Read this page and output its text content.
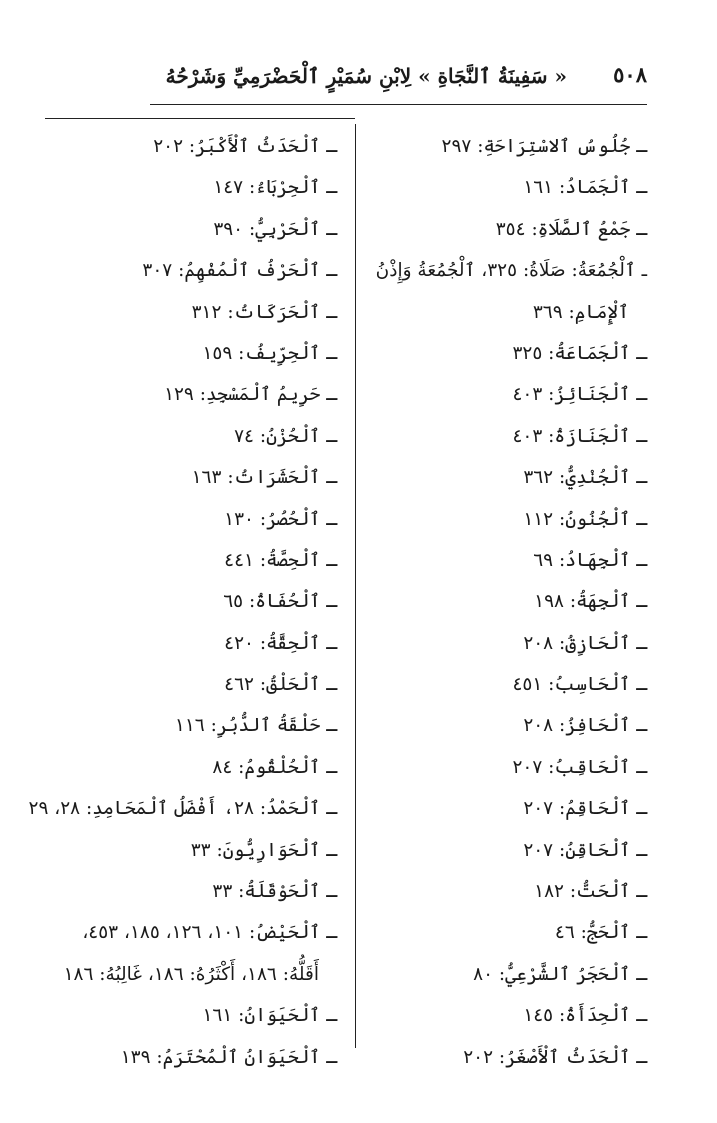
٥٠٨
« سَفِينَةُ ٱلنَّجَاةِ » لِابْنِ سُمَيْرٍ ٱلْحَضْرَمِيِّ وَشَرْحُهُ
ـ جُلُوسُ ٱلاسْتِرَاحَةِ: ٢٩٧
ـ ٱلْجَمَادُ: ١٦١
ـ جَمْعُ ٱلصَّلَاةِ: ٣٥٤
ـ ٱلْجُمُعَةُ: صَلَاةُ: ٣٢٥، ٱلْجُمُعَةُ وَإِذْنُ
ٱلْإِمَامِ: ٣٦٩
ـ ٱلْجَمَاعَةُ: ٣٢٥
ـ ٱلْجَنَائِزُ: ٤٠٣
ـ ٱلْجَنَازَةُ: ٤٠٣
ـ ٱلْجُنْدِيُّ: ٣٦٢
ـ ٱلْجُنُونُ: ١١٢
ـ ٱلْجِهَادُ: ٦٩
ـ ٱلْجِهَةُ: ١٩٨
ـ ٱلْحَازِقُ: ٢٠٨
ـ ٱلْحَاسِبُ: ٤٥١
ـ ٱلْحَافِزُ: ٢٠٨
ـ ٱلْحَاقِبُ: ٢٠٧
ـ ٱلْحَاقِمُ: ٢٠٧
ـ ٱلْحَاقِنُ: ٢٠٧
ـ ٱلْحَتُّ: ١٨٢
ـ ٱلْحَجُّ: ٤٦
ـ ٱلْحَجَرُ ٱلشَّرْعِيُّ: ٨٠
ـ ٱلْحِدَأَةُ: ١٤٥
ـ ٱلْحَدَثُ ٱلْأَصْغَرُ: ٢٠٢
ـ ٱلْحَدَثُ ٱلْأَكْبَرُ: ٢٠٢
ـ ٱلْحِرْبَاءُ: ١٤٧
ـ ٱلْحَرْبِيُّ: ٣٩٠
ـ ٱلْحَرْفُ ٱلْمُفْهِمُ: ٣٠٧
ـ ٱلْحَرَكَاتُ: ٣١٢
ـ ٱلْحِرِّيفُ: ١٥٩
ـ حَرِيمُ ٱلْمَسْجِدِ: ١٢٩
ـ ٱلْحُزْنُ: ٧٤
ـ ٱلْحَشَرَاتُ: ١٦٣
ـ ٱلْحُصُرُ: ١٣٠
ـ ٱلْحِصَّةُ: ٤٤١
ـ ٱلْحُفَاةُ: ٦٥
ـ ٱلْحِقَّةُ: ٤٢٠
ـ ٱلْحَلْقُ: ٤٦٢
ـ حَلْقَةُ ٱلدُّبُرِ: ١١٦
ـ ٱلْحُلْقُومُ: ٨٤
ـ ٱلْحَمْدُ: ٢٨، أَفْضَلُ ٱلْمَحَامِدِ: ٢٨، ٢٩
ـ ٱلْحَوَارِيُّونَ: ٣٣
ـ ٱلْحَوْقَلَةُ: ٣٣
ـ ٱلْحَيْضُ: ١٠١، ١٢٦، ١٨٥، ٤٥٣،
أَقَلُّهُ: ١٨٦، أَكْثَرُهُ: ١٨٦، غَالِبُهُ: ١٨٦
ـ ٱلْحَيَوَانُ: ١٦١
ـ ٱلْحَيَوَانُ ٱلْمُحْتَرَمُ: ١٣٩
